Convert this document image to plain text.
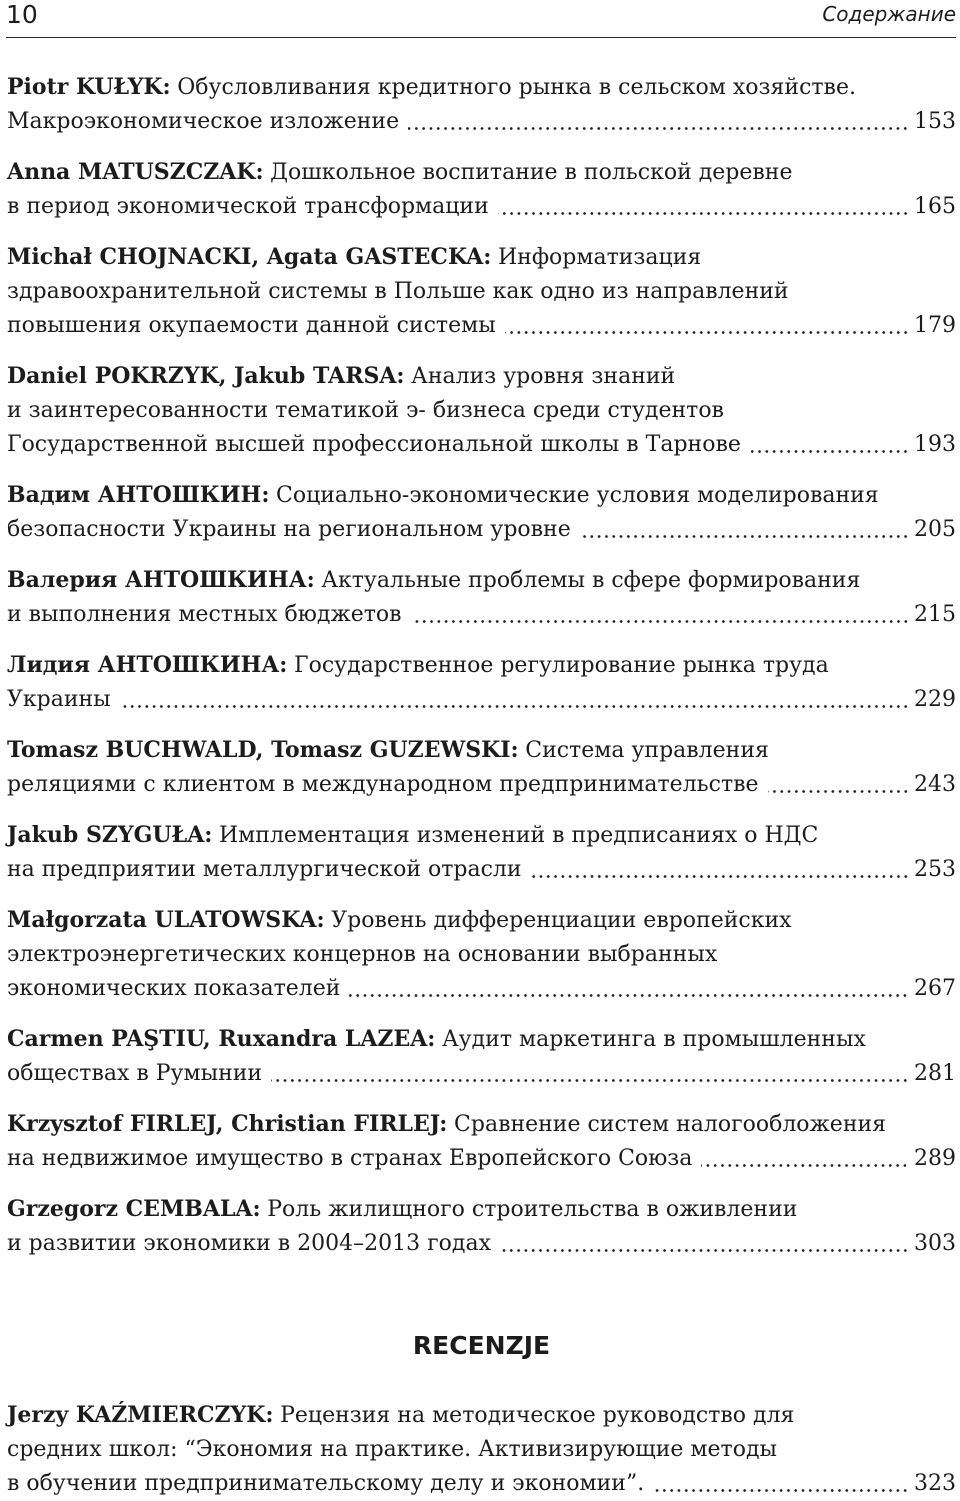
10	Содержание
Piotr KUŁYK: Обусловливания кредитного рынка в сельском хозяйстве.
Макроэкономическое изложение	153
Anna MATUSZCZAK: Дошкольное воспитание в польской деревне
в период экономической трансформации	165
Michał CHOJNACKI, Agata GASTECKA: Информатизация
здравоохранительной системы в Польше как одно из направлений
повышения окупаемости данной системы	179
Daniel POKRZYK, Jakub TARSA: Анализ уровня знаний
и заинтересованности тематикой э- бизнеса среди студентов
Государственной высшей профессиональной школы в Тарнове	193
Вадим АНТОШКИН: Социально-экономические условия моделирования
безопасности Украины на региональном уровне	205
Валерия АНТОШКИНА: Актуальные проблемы в сфере формирования
и выполнения местных бюджетов	215
Лидия АНТОШКИНА: Государственное регулирование рынка труда
Украины	229
Tomasz BUCHWALD, Tomasz GUZEWSKI: Система управления
реляциями с клиентом в международном предпринимательстве	243
Jakub SZYGUŁA: Имплементация изменений в предписаниях о НДС
на предприятии металлургической отрасли	253
Małgorzata ULATOWSKA: Уровень дифференциации европейских
электроэнергетических концернов на основании выбранных
экономических показателей	267
Carmen PAŞTIU, Ruxandra LAZEA: Аудит маркетинга в промышленных
обществах в Румынии	281
Krzysztof FIRLEJ, Christian FIRLEJ: Сравнение систем налогообложения
на недвижимое имущество в странах Европейского Союза	289
Grzegorz CEMBALA: Роль жилищного строительства в оживлении
и развитии экономики в 2004–2013 годах	303
RECENZJE
Jerzy KAŹMIERCZYK: Рецензия на методическое руководство для
средних школ: “Экономия на практике. Активизирующие методы
в обучении предпринимательскому делу и экономии”.	323
